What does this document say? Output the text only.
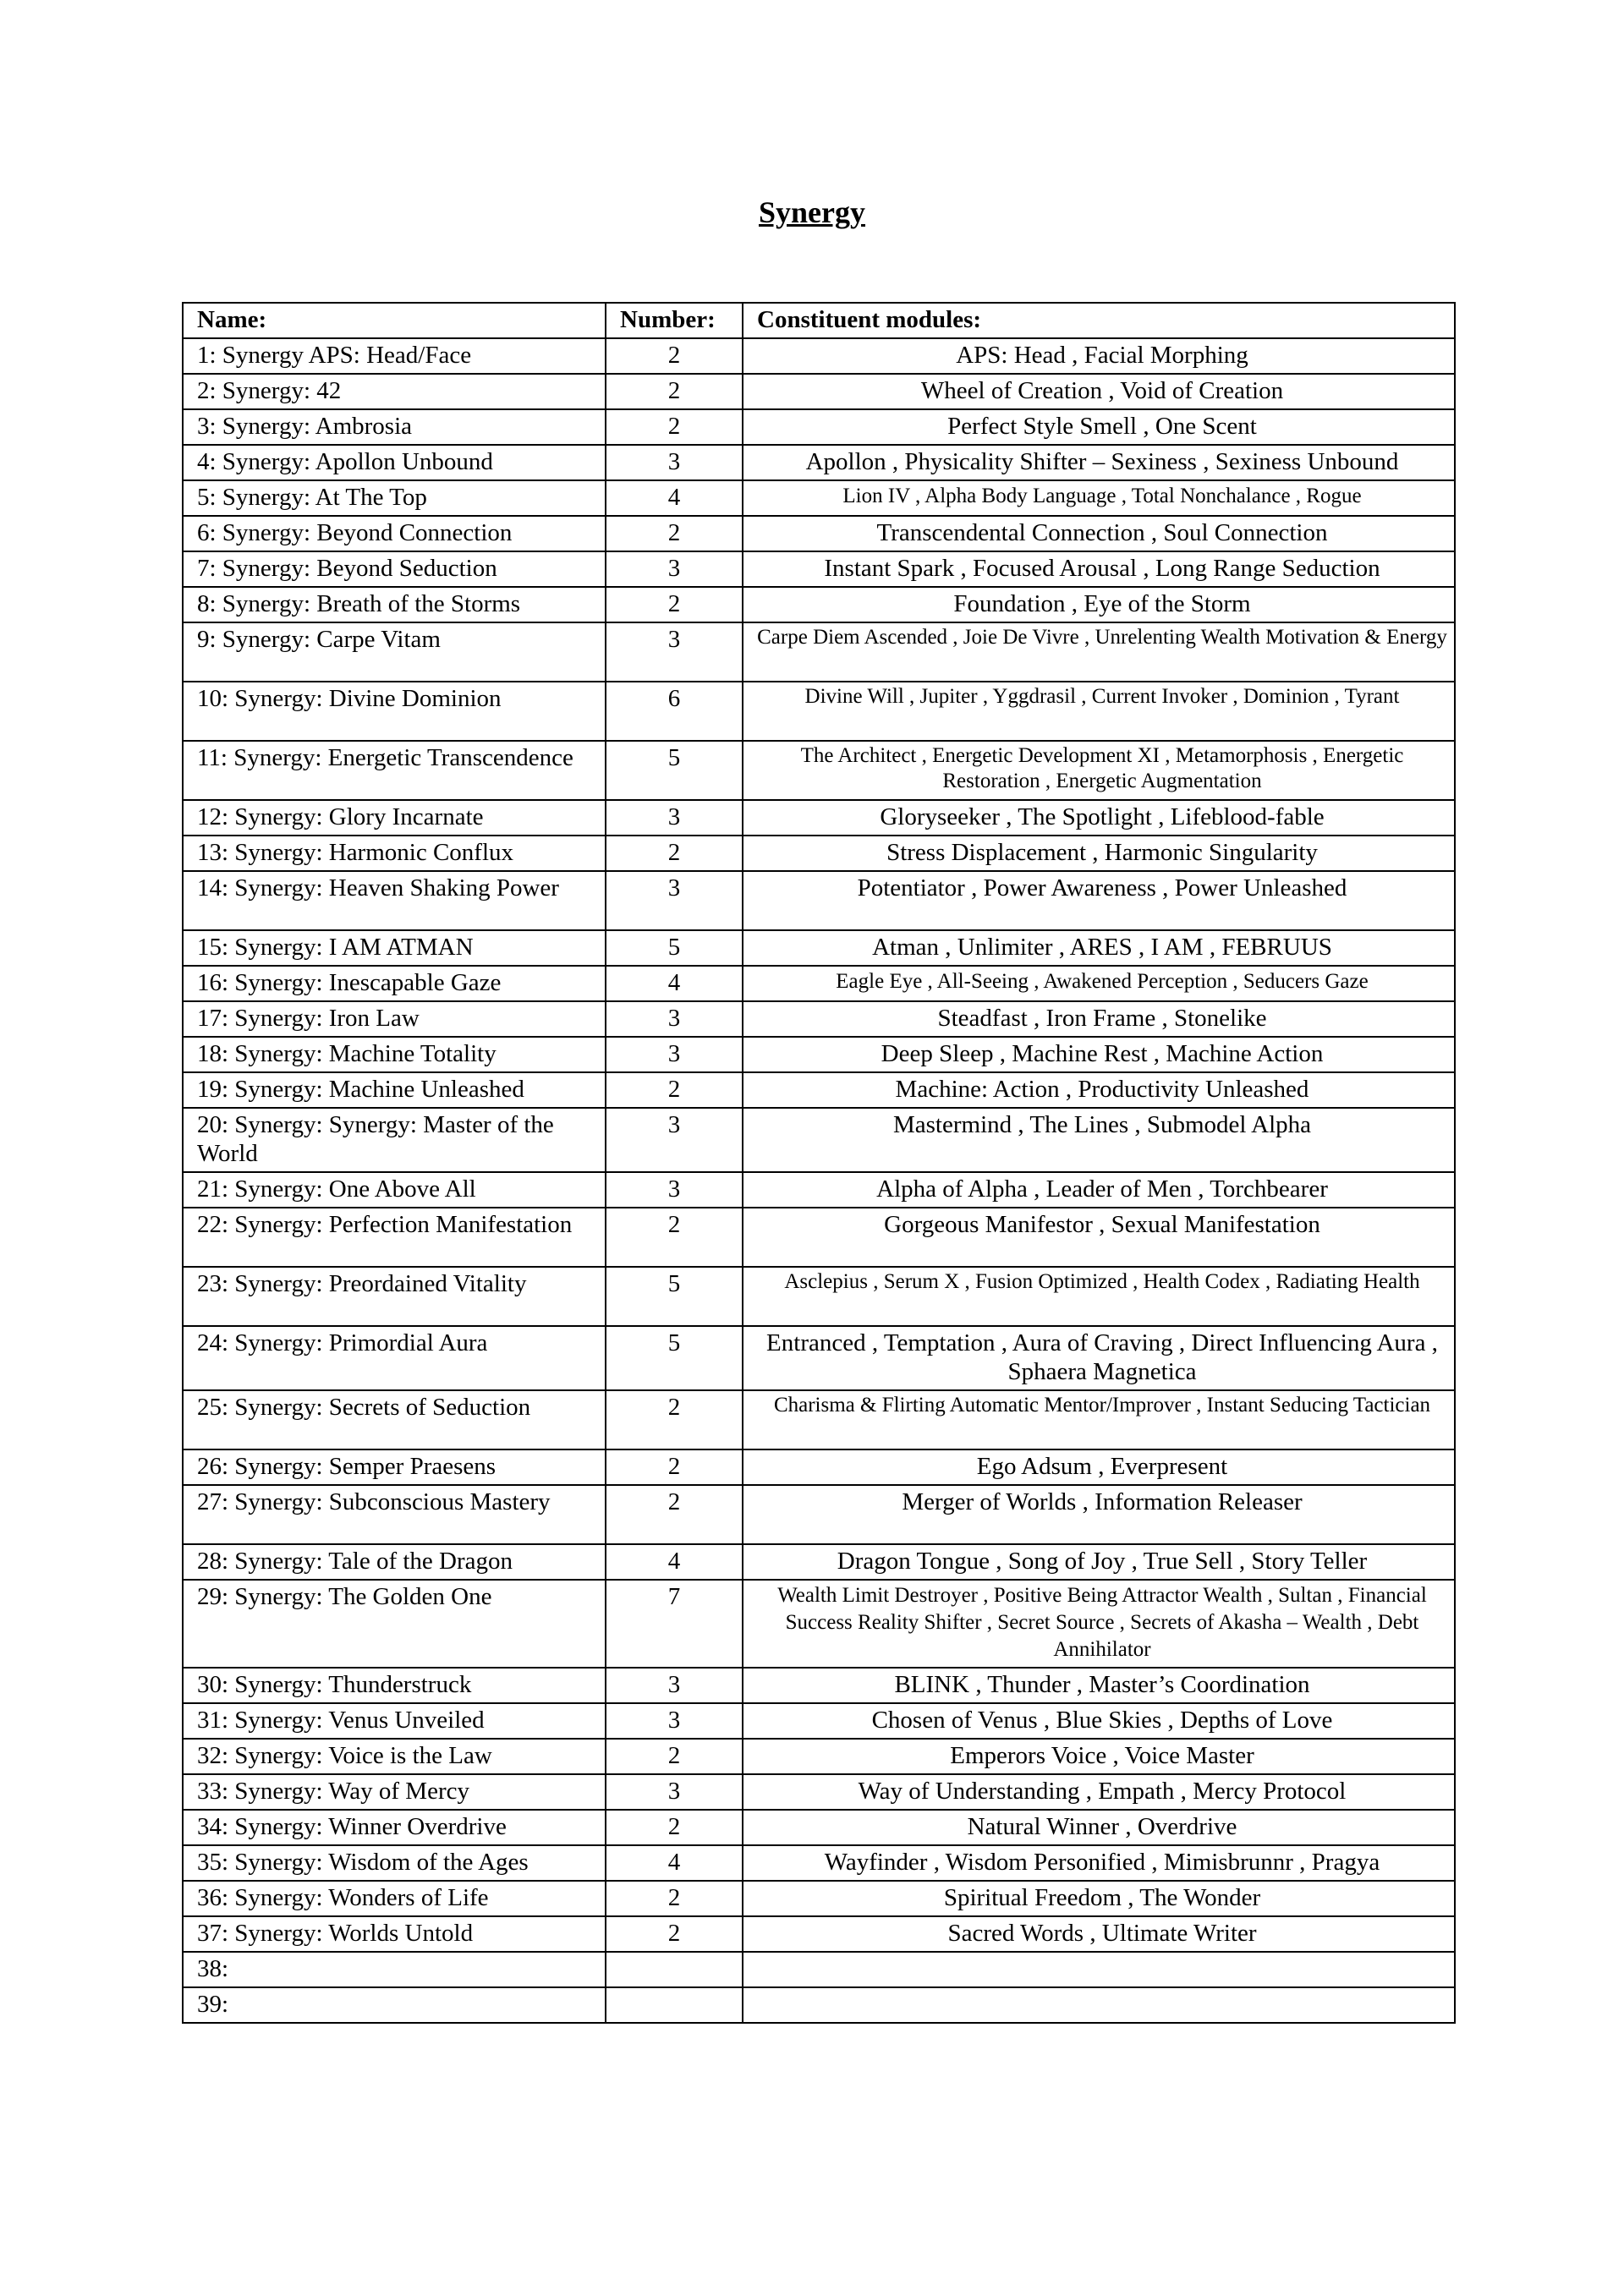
Synergy
Name:	Number:	Constituent modules:
1: Synergy APS: Head/Face	2	APS: Head , Facial Morphing
2: Synergy: 42	2	Wheel of Creation , Void of Creation
3: Synergy: Ambrosia	2	Perfect Style Smell , One Scent
4: Synergy: Apollon Unbound	3	Apollon , Physicality Shifter – Sexiness , Sexiness Unbound
5: Synergy: At The Top	4	Lion IV , Alpha Body Language , Total Nonchalance , Rogue
6: Synergy: Beyond Connection	2	Transcendental Connection , Soul Connection
7: Synergy: Beyond Seduction	3	Instant Spark , Focused Arousal , Long Range Seduction
8: Synergy: Breath of the Storms	2	Foundation , Eye of the Storm
9: Synergy: Carpe Vitam	3	Carpe Diem Ascended , Joie De Vivre , Unrelenting Wealth Motivation & Energy
10: Synergy: Divine Dominion	6	Divine Will , Jupiter , Yggdrasil , Current Invoker , Dominion , Tyrant
11: Synergy: Energetic Transcendence	5	The Architect , Energetic Development XI , Metamorphosis , Energetic Restoration , Energetic Augmentation
12: Synergy: Glory Incarnate	3	Gloryseeker , The Spotlight , Lifeblood-fable
13: Synergy: Harmonic Conflux	2	Stress Displacement , Harmonic Singularity
14: Synergy: Heaven Shaking Power	3	Potentiator , Power Awareness , Power Unleashed
15: Synergy: I AM ATMAN	5	Atman , Unlimiter , ARES , I AM , FEBRUUS
16: Synergy: Inescapable Gaze	4	Eagle Eye , All-Seeing , Awakened Perception , Seducers Gaze
17: Synergy: Iron Law	3	Steadfast , Iron Frame , Stonelike
18: Synergy: Machine Totality	3	Deep Sleep , Machine Rest , Machine Action
19: Synergy: Machine Unleashed	2	Machine: Action , Productivity Unleashed
20: Synergy: Synergy: Master of the World	3	Mastermind , The Lines , Submodel Alpha
21: Synergy: One Above All	3	Alpha of Alpha , Leader of Men , Torchbearer
22: Synergy: Perfection Manifestation	2	Gorgeous Manifestor , Sexual Manifestation
23: Synergy: Preordained Vitality	5	Asclepius , Serum X , Fusion Optimized , Health Codex , Radiating Health
24: Synergy: Primordial Aura	5	Entranced , Temptation , Aura of Craving , Direct Influencing Aura , Sphaera Magnetica
25: Synergy: Secrets of Seduction	2	Charisma & Flirting Automatic Mentor/Improver , Instant Seducing Tactician
26: Synergy: Semper Praesens	2	Ego Adsum , Everpresent
27: Synergy: Subconscious Mastery	2	Merger of Worlds , Information Releaser
28: Synergy: Tale of the Dragon	4	Dragon Tongue , Song of Joy , True Sell , Story Teller
29: Synergy: The Golden One	7	Wealth Limit Destroyer , Positive Being Attractor Wealth , Sultan , Financial Success Reality Shifter , Secret Source , Secrets of Akasha – Wealth , Debt Annihilator
30: Synergy: Thunderstruck	3	BLINK , Thunder , Master’s Coordination
31: Synergy: Venus Unveiled	3	Chosen of Venus , Blue Skies , Depths of Love
32: Synergy: Voice is the Law	2	Emperors Voice , Voice Master
33: Synergy: Way of Mercy	3	Way of Understanding , Empath , Mercy Protocol
34: Synergy: Winner Overdrive	2	Natural Winner , Overdrive
35: Synergy: Wisdom of the Ages	4	Wayfinder , Wisdom Personified , Mimisbrunnr , Pragya
36: Synergy: Wonders of Life	2	Spiritual Freedom , The Wonder
37: Synergy: Worlds Untold	2	Sacred Words , Ultimate Writer
38:		
39:		
